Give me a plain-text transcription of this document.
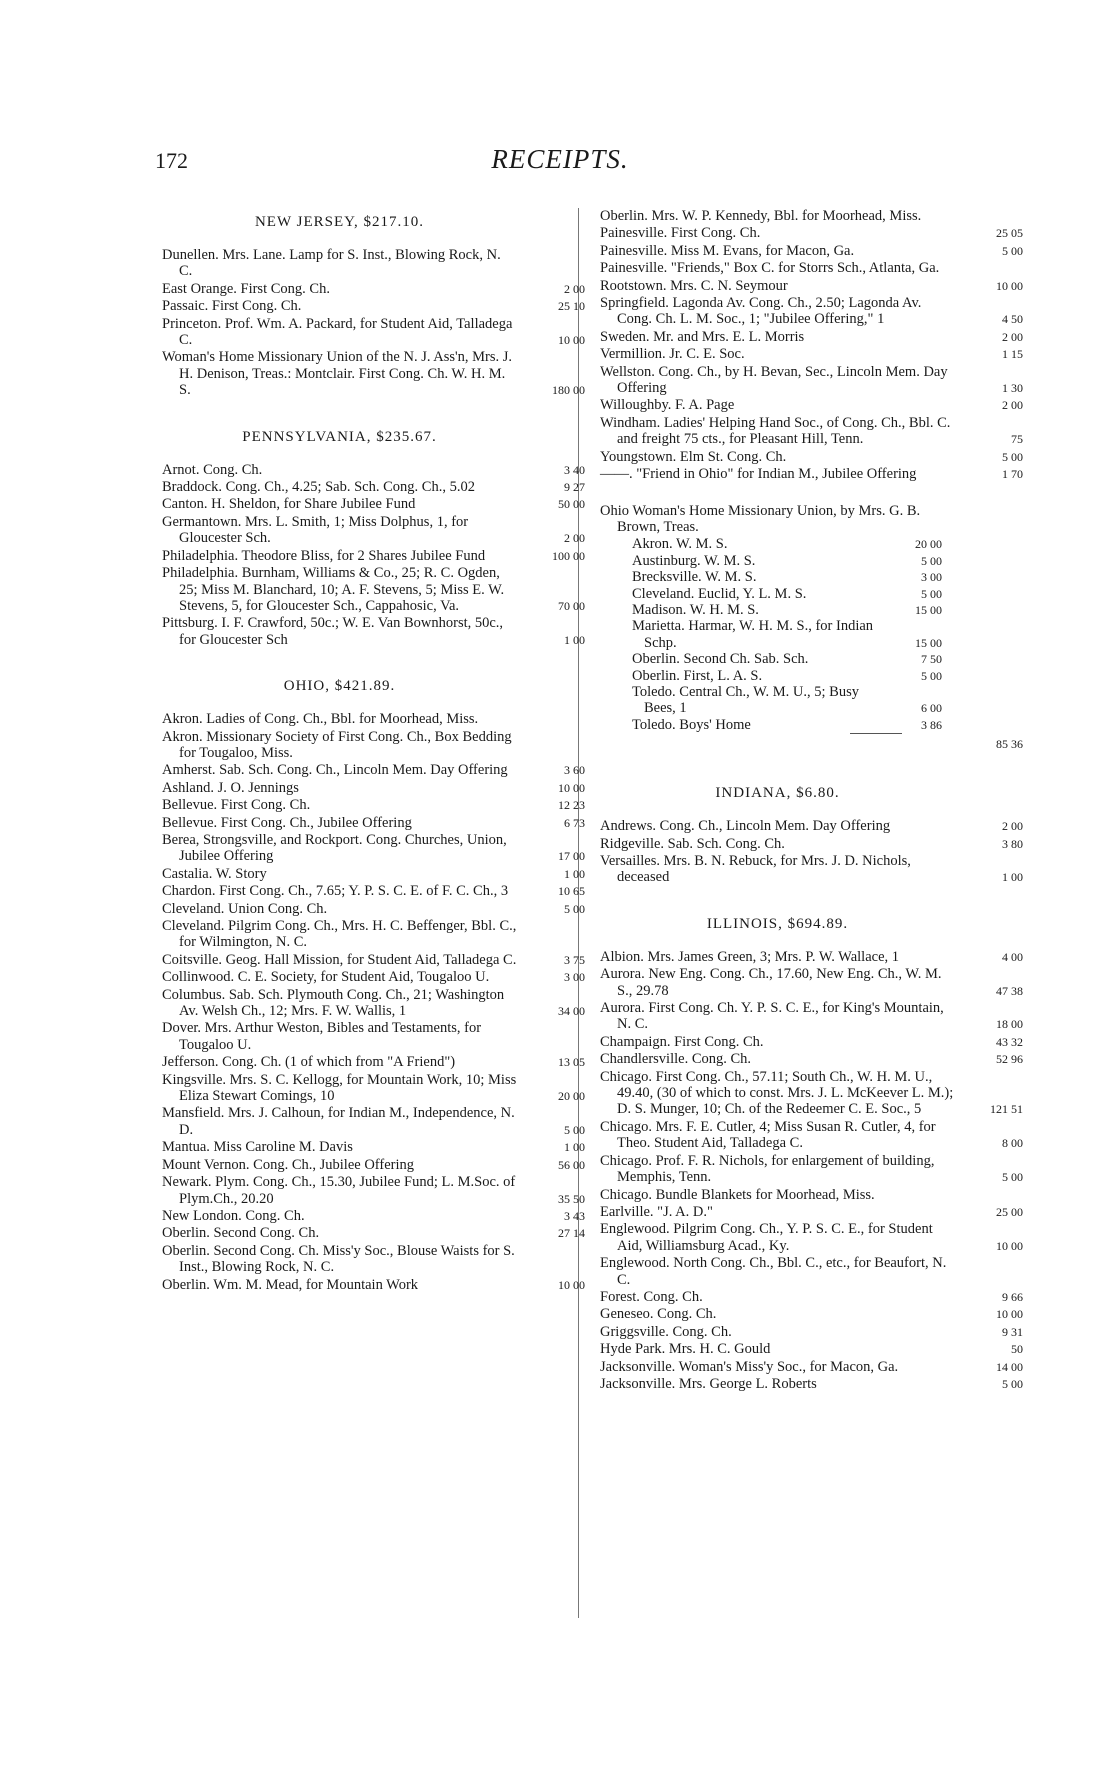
172	RECEIPTS.
NEW JERSEY, $217.10.
Dunellen. Mrs. Lane. Lamp for S. Inst., Blowing Rock, N. C.
East Orange. First Cong. Ch.	2 00
Passaic. First Cong. Ch.	25 10
Princeton. Prof. Wm. A. Packard, for Student Aid, Talladega C.	10 00
Woman's Home Missionary Union of the N. J. Ass'n, Mrs. J. H. Denison, Treas.: Montclair. First Cong. Ch. W. H. M. S.	180 00
PENNSYLVANIA, $235.67.
Arnot. Cong. Ch.	3 40
Braddock. Cong. Ch., 4.25; Sab. Sch. Cong. Ch., 5.02	9 27
Canton. H. Sheldon, for Share Jubilee Fund	50 00
Germantown. Mrs. L. Smith, 1; Miss Dolphus, 1, for Gloucester Sch.	2 00
Philadelphia. Theodore Bliss, for 2 Shares Jubilee Fund	100 00
Philadelphia. Burnham, Williams & Co., 25; R. C. Ogden, 25; Miss M. Blanchard, 10; A. F. Stevens, 5; Miss E. W. Stevens, 5, for Gloucester Sch., Cappahosic, Va.	70 00
Pittsburg. I. F. Crawford, 50c.; W. E. Van Bownhorst, 50c., for Gloucester Sch	1 00
OHIO, $421.89.
Akron. Ladies of Cong. Ch., Bbl. for Moorhead, Miss.
Akron. Missionary Society of First Cong. Ch., Box Bedding for Tougaloo, Miss.
Amherst. Sab. Sch. Cong. Ch., Lincoln Mem. Day Offering	3 60
Ashland. J. O. Jennings	10 00
Bellevue. First Cong. Ch.	12 23
Bellevue. First Cong. Ch., Jubilee Offering	6 73
Berea, Strongsville, and Rockport. Cong. Churches, Union, Jubilee Offering	17 00
Castalia. W. Story	1 00
Chardon. First Cong. Ch., 7.65; Y. P. S. C. E. of F. C. Ch., 3	10 65
Cleveland. Union Cong. Ch.	5 00
Cleveland. Pilgrim Cong. Ch., Mrs. H. C. Beffenger, Bbl. C., for Wilmington, N. C.
Coitsville. Geog. Hall Mission, for Student Aid, Talladega C.	3 75
Collinwood. C. E. Society, for Student Aid, Tougaloo U.	3 00
Columbus. Sab. Sch. Plymouth Cong. Ch., 21; Washington Av. Welsh Ch., 12; Mrs. F. W. Wallis, 1	34 00
Dover. Mrs. Arthur Weston, Bibles and Testaments, for Tougaloo U.
Jefferson. Cong. Ch. (1 of which from "A Friend")	13 05
Kingsville. Mrs. S. C. Kellogg, for Mountain Work, 10; Miss Eliza Stewart Comings, 10	20 00
Mansfield. Mrs. J. Calhoun, for Indian M., Independence, N. D.	5 00
Mantua. Miss Caroline M. Davis	1 00
Mount Vernon. Cong. Ch., Jubilee Offering	56 00
Newark. Plym. Cong. Ch., 15.30, Jubilee Fund; L. M.Soc. of Plym.Ch., 20.20	35 50
New London. Cong. Ch.	3 43
Oberlin. Second Cong. Ch.	27 14
Oberlin. Second Cong. Ch. Miss'y Soc., Blouse Waists for S. Inst., Blowing Rock, N. C.
Oberlin. Wm. M. Mead, for Mountain Work	10 00
Oberlin. Mrs. W. P. Kennedy, Bbl. for Moorhead, Miss.
Painesville. First Cong. Ch.	25 05
Painesville. Miss M. Evans, for Macon, Ga.	5 00
Painesville. "Friends," Box C. for Storrs Sch., Atlanta, Ga.
Rootstown. Mrs. C. N. Seymour	10 00
Springfield. Lagonda Av. Cong. Ch., 2.50; Lagonda Av. Cong. Ch. L. M. Soc., 1; "Jubilee Offering," 1	4 50
Sweden. Mr. and Mrs. E. L. Morris	2 00
Vermillion. Jr. C. E. Soc.	1 15
Wellston. Cong. Ch., by H. Bevan, Sec., Lincoln Mem. Day Offering	1 30
Willoughby. F. A. Page	2 00
Windham. Ladies' Helping Hand Soc., of Cong. Ch., Bbl. C. and freight 75 cts., for Pleasant Hill, Tenn.	75
Youngstown. Elm St. Cong. Ch.	5 00
——. "Friend in Ohio" for Indian M., Jubilee Offering	1 70
Ohio Woman's Home Missionary Union, by Mrs. G. B. Brown, Treas.
Akron. W. M. S.	20 00
Austinburg. W. M. S.	5 00
Brecksville. W. M. S.	3 00
Cleveland. Euclid, Y. L. M. S.	5 00
Madison. W. H. M. S.	15 00
Marietta. Harmar, W. H. M. S., for Indian Schp.	15 00
Oberlin. Second Ch. Sab. Sch.	7 50
Oberlin. First, L. A. S.	5 00
Toledo. Central Ch., W. M. U., 5; Busy Bees, 1	6 00
Toledo. Boys' Home	3 86
85 36
INDIANA, $6.80.
Andrews. Cong. Ch., Lincoln Mem. Day Offering	2 00
Ridgeville. Sab. Sch. Cong. Ch.	3 80
Versailles. Mrs. B. N. Rebuck, for Mrs. J. D. Nichols, deceased	1 00
ILLINOIS, $694.89.
Albion. Mrs. James Green, 3; Mrs. P. W. Wallace, 1	4 00
Aurora. New Eng. Cong. Ch., 17.60, New Eng. Ch., W. M. S., 29.78	47 38
Aurora. First Cong. Ch. Y. P. S. C. E., for King's Mountain, N. C.	18 00
Champaign. First Cong. Ch.	43 32
Chandlersville. Cong. Ch.	52 96
Chicago. First Cong. Ch., 57.11; South Ch., W. H. M. U., 49.40, (30 of which to const. Mrs. J. L. McKeever L. M.); D. S. Munger, 10; Ch. of the Redeemer C. E. Soc., 5	121 51
Chicago. Mrs. F. E. Cutler, 4; Miss Susan R. Cutler, 4, for Theo. Student Aid, Talladega C.	8 00
Chicago. Prof. F. R. Nichols, for enlargement of building, Memphis, Tenn.	5 00
Chicago. Bundle Blankets for Moorhead, Miss.
Earlville. "J. A. D."	25 00
Englewood. Pilgrim Cong. Ch., Y. P. S. C. E., for Student Aid, Williamsburg Acad., Ky.	10 00
Englewood. North Cong. Ch., Bbl. C., etc., for Beaufort, N. C.
Forest. Cong. Ch.	9 66
Geneseo. Cong. Ch.	10 00
Griggsville. Cong. Ch.	9 31
Hyde Park. Mrs. H. C. Gould	50
Jacksonville. Woman's Miss'y Soc., for Macon, Ga.	14 00
Jacksonville. Mrs. George L. Roberts	5 00
